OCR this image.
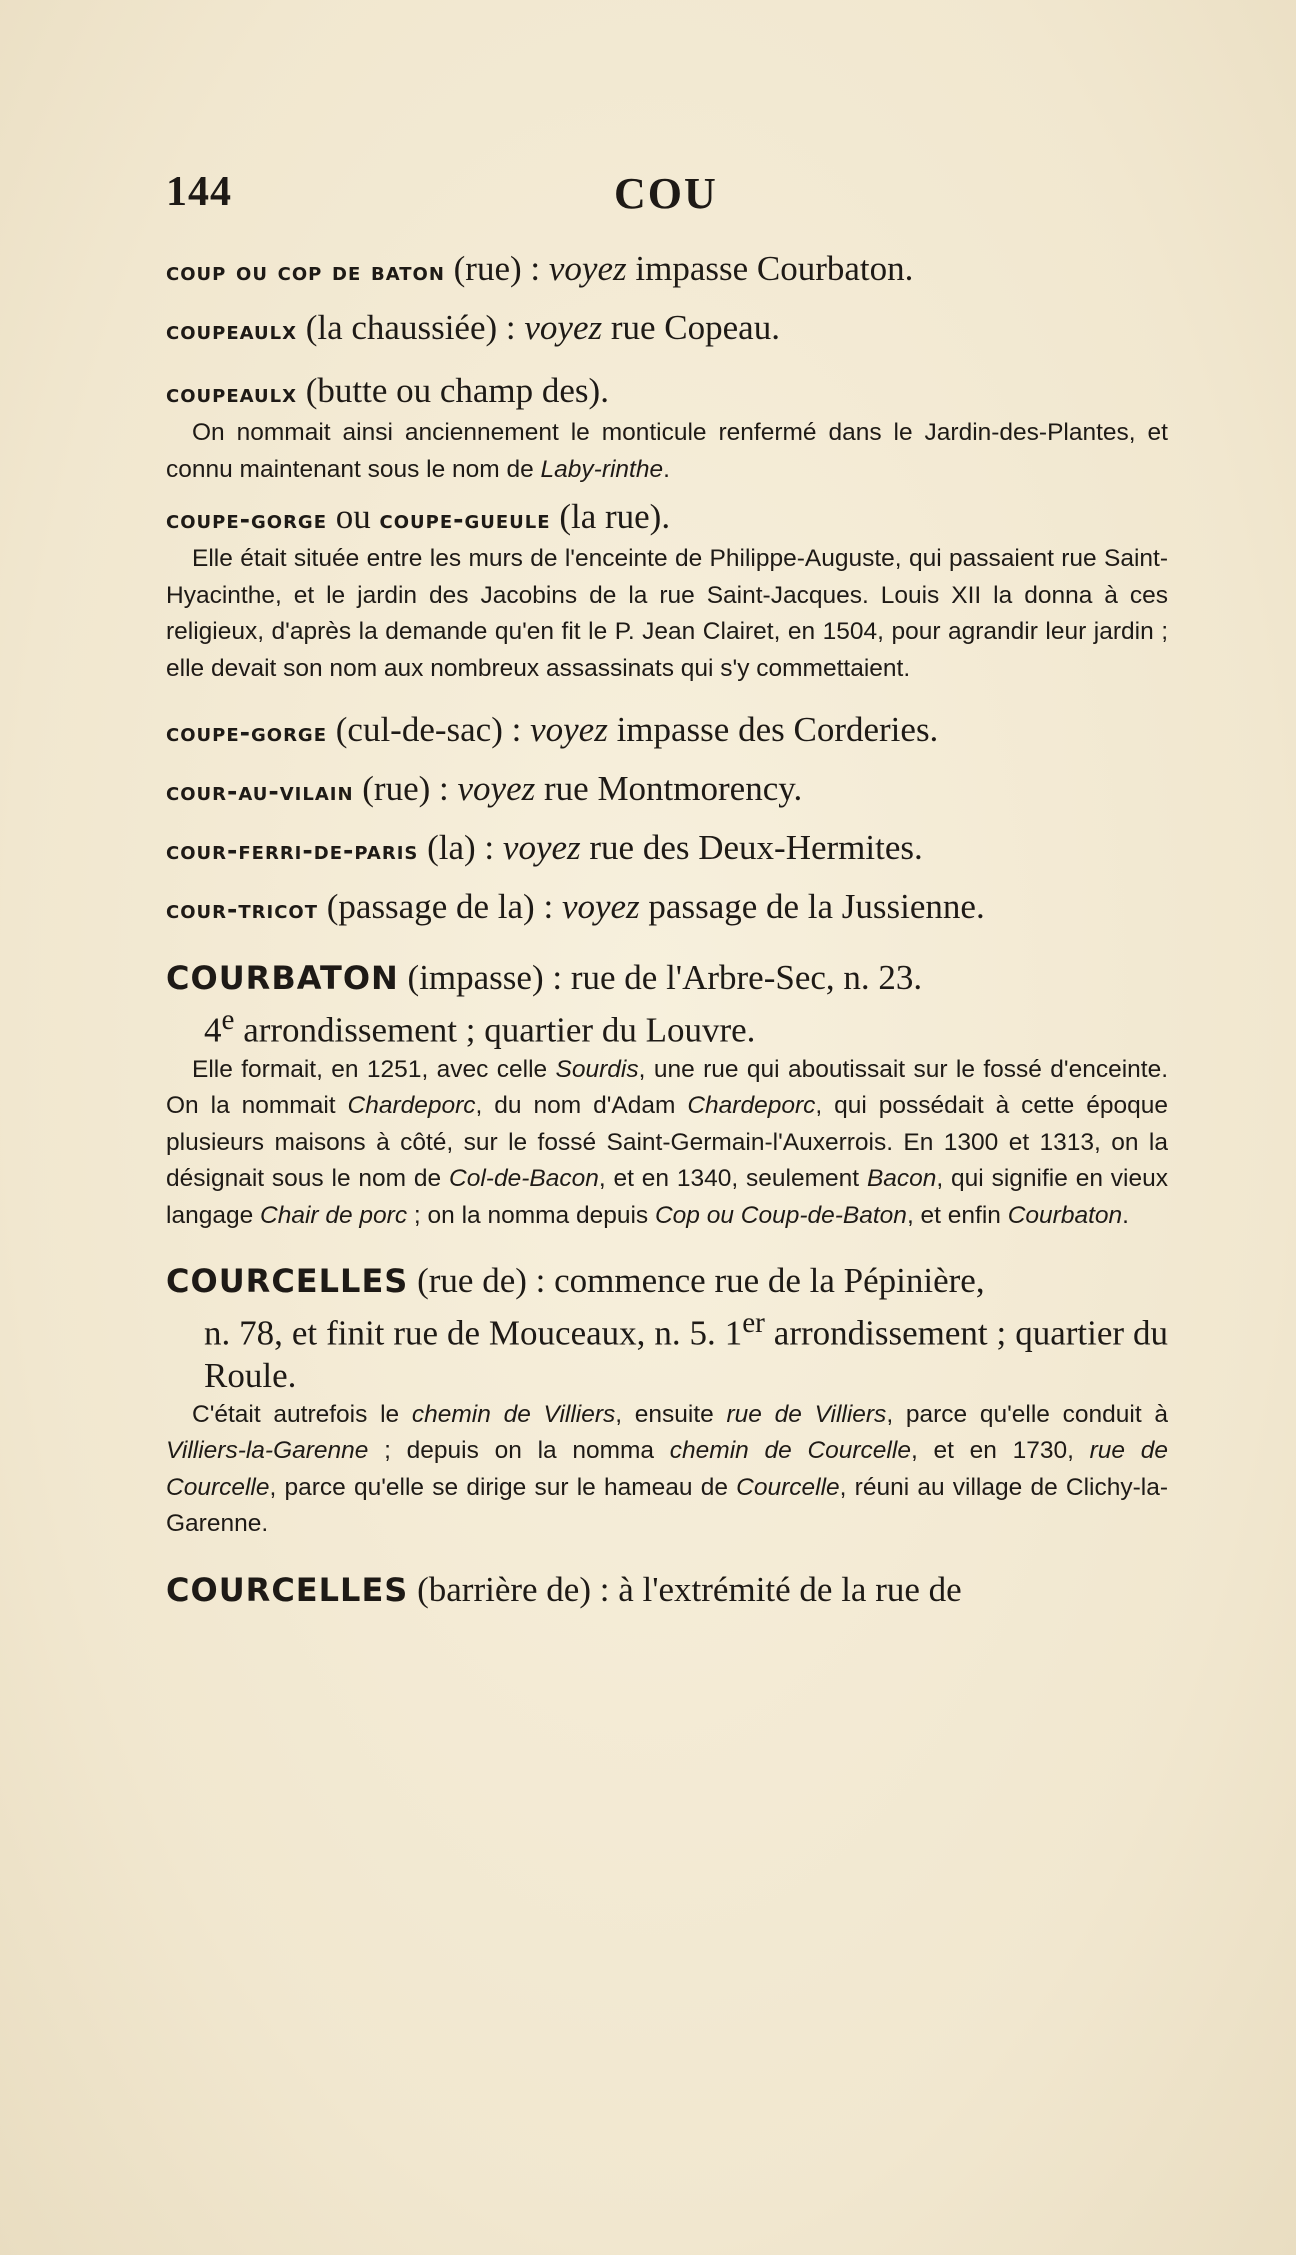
144	COU

coup ou cop de baton (rue) : voyez impasse Courbaton.

coupeaulx (la chaussiée) : voyez rue Copeau.

coupeaulx (butte ou champ des).

On nommait ainsi anciennement le monticule renfermé dans le Jardin-des-Plantes, et connu maintenant sous le nom de Laby-rinthe.

coupe-gorge ou coupe-gueule (la rue).

Elle était située entre les murs de l'enceinte de Philippe-Auguste, qui passaient rue Saint-Hyacinthe, et le jardin des Jacobins de la rue Saint-Jacques. Louis XII la donna à ces religieux, d'après la demande qu'en fit le P. Jean Clairet, en 1504, pour agrandir leur jardin ; elle devait son nom aux nombreux assassinats qui s'y commettaient.

coupe-gorge (cul-de-sac) : voyez impasse des Corderies.

cour-au-vilain (rue) : voyez rue Montmorency.

cour-ferri-de-paris (la) : voyez rue des Deux-Hermites.

cour-tricot (passage de la) : voyez passage de la Jussienne.

COURBATON (impasse) : rue de l'Arbre-Sec, n. 23.

4e arrondissement ; quartier du Louvre.

Elle formait, en 1251, avec celle Sourdis, une rue qui aboutissait sur le fossé d'enceinte. On la nommait Chardeporc, du nom d'Adam Chardeporc, qui possédait à cette époque plusieurs maisons à côté, sur le fossé Saint-Germain-l'Auxerrois. En 1300 et 1313, on la désignait sous le nom de Col-de-Bacon, et en 1340, seulement Bacon, qui signifie en vieux langage Chair de porc ; on la nomma depuis Cop ou Coup-de-Baton, et enfin Courbaton.

COURCELLES (rue de) : commence rue de la Pépinière,

n. 78, et finit rue de Mouceaux, n. 5. 1er arrondissement ; quartier du Roule.

C'était autrefois le chemin de Villiers, ensuite rue de Villiers, parce qu'elle conduit à Villiers-la-Garenne ; depuis on la nomma chemin de Courcelle, et en 1730, rue de Courcelle, parce qu'elle se dirige sur le hameau de Courcelle, réuni au village de Clichy-la-Garenne.

COURCELLES (barrière de) : à l'extrémité de la rue de
